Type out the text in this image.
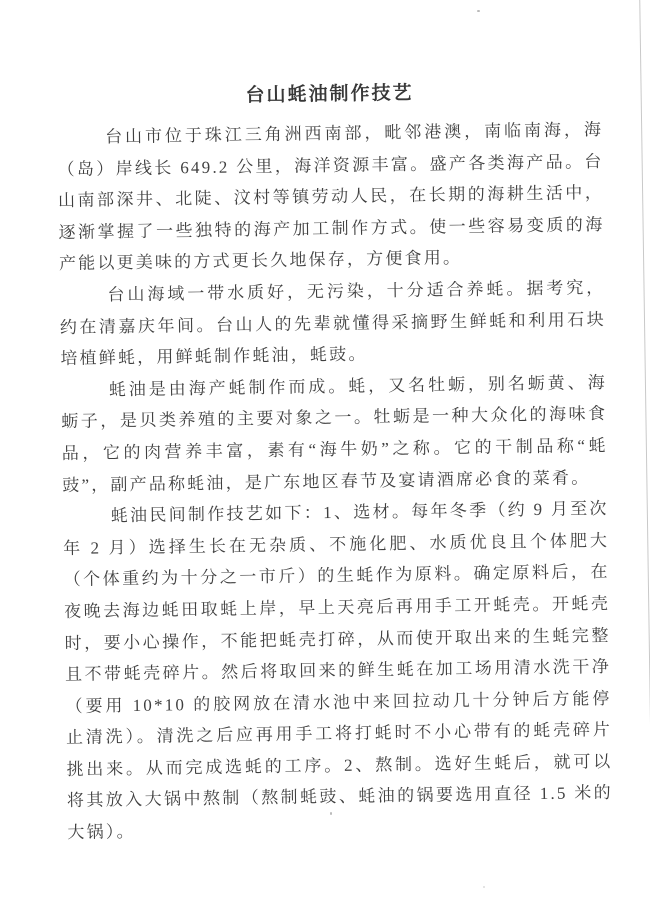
台山蚝油制作技艺

台山市位于珠江三角洲西南部，毗邻港澳，南临南海，海（岛）岸线长 649.2 公里，海洋资源丰富。盛产各类海产品。台山南部深井、北陡、汶村等镇劳动人民，在长期的海耕生活中，逐渐掌握了一些独特的海产加工制作方式。使一些容易变质的海产能以更美味的方式更长久地保存，方便食用。

台山海域一带水质好，无污染，十分适合养蚝。据考究，约在清嘉庆年间。台山人的先辈就懂得采摘野生鲜蚝和利用石块培植鲜蚝，用鲜蚝制作蚝油，蚝豉。

蚝油是由海产蚝制作而成。蚝，又名牡蛎，别名蛎黄、海蛎子，是贝类养殖的主要对象之一。牡蛎是一种大众化的海味食品，它的肉营养丰富，素有“海牛奶”之称。它的干制品称“蚝豉”，副产品称蚝油，是广东地区春节及宴请酒席必食的菜肴。

蚝油民间制作技艺如下：1、选材。每年冬季（约 9 月至次年 2 月）选择生长在无杂质、不施化肥、水质优良且个体肥大（个体重约为十分之一市斤）的生蚝作为原料。确定原料后，在夜晚去海边蚝田取蚝上岸，早上天亮后再用手工开蚝壳。开蚝壳时，要小心操作，不能把蚝壳打碎，从而使开取出来的生蚝完整且不带蚝壳碎片。然后将取回来的鲜生蚝在加工场用清水洗干净（要用 10*10 的胶网放在清水池中来回拉动几十分钟后方能停止清洗）。清洗之后应再用手工将打蚝时不小心带有的蚝壳碎片挑出来。从而完成选蚝的工序。2、熬制。选好生蚝后，就可以将其放入大锅中熬制（熬制蚝豉、蚝油的锅要选用直径 1.5 米的大锅）。
